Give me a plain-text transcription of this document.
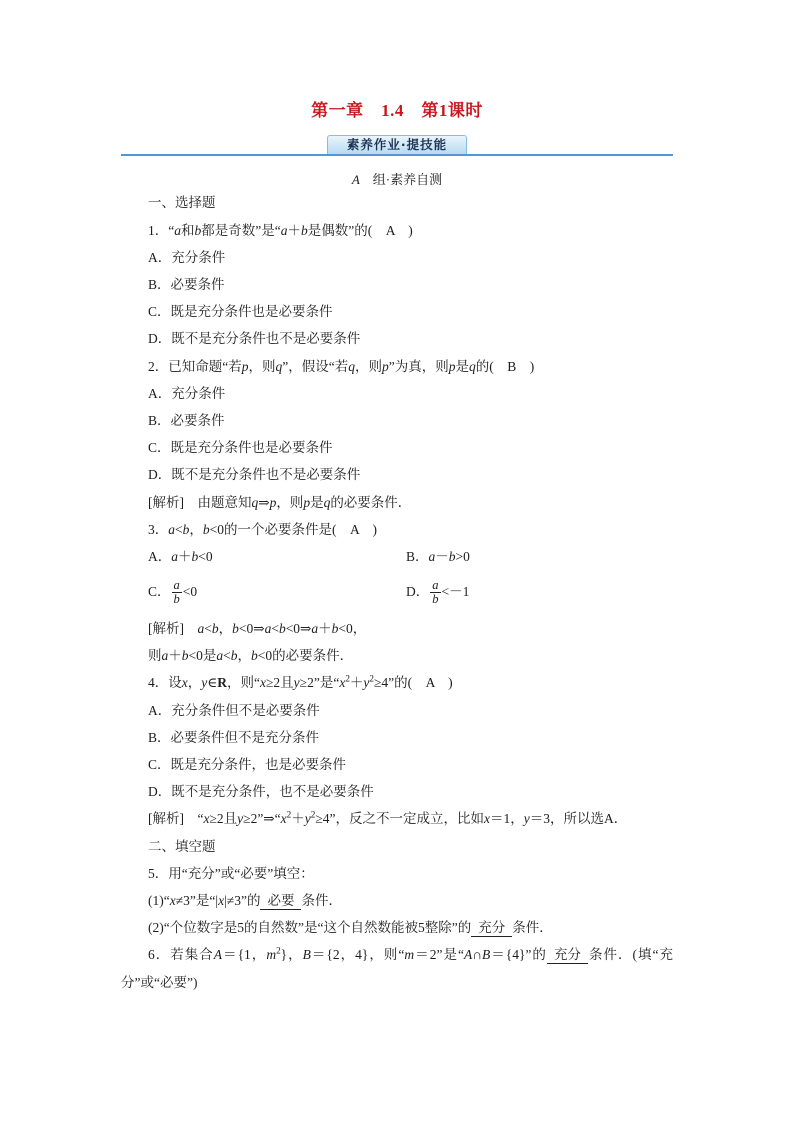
第一章　1.4　第1课时
素养作业·提技能
A　组·素养自测
一、选择题
1．“a和b都是奇数”是“a＋b是偶数”的(　A　)
A．充分条件
B．必要条件
C．既是充分条件也是必要条件
D．既不是充分条件也不是必要条件
2．已知命题“若p，则q”，假设“若q，则p”为真，则p是q的(　B　)
A．充分条件
B．必要条件
C．既是充分条件也是必要条件
D．既不是充分条件也不是必要条件
[解析]　由题意知q⇒p，则p是q的必要条件．
3．a<b，b<0的一个必要条件是(　A　)
A．a＋b<0	B．a－b>0
C． $\frac{a}{b} <0$	D． $\frac{a}{b} <-1$
[解析]　a<b，b<0⇒a<b<0⇒a＋b<0，
则a＋b<0是a<b，b<0的必要条件．
4．设x，y∈R，则“x≥2且y≥2”是“$x^2+y^2\ge 4$”的(　A　)
A．充分条件但不是必要条件
B．必要条件但不是充分条件
C．既是充分条件，也是必要条件
D．既不是充分条件，也不是必要条件
[解析]　“x≥2且$y\ge 2”\Rightarrow“x^2+y^2\ge 4$”，反之不一定成立，比如x＝1，y＝3，所以选A．
二、填空题
5．用“充分”或“必要”填空：
(1)“x≠3”是“|x|≠3”的 必要 条件．
(2)“个位数字是5的自然数”是“这个自然数能被5整除”的 充分 条件．
6．若集合A＝{1，$m^2$}，B＝{2，4}，则“m＝2”是“A∩B＝{4}”的 充分 条件．(填“充分”或“必要”)
